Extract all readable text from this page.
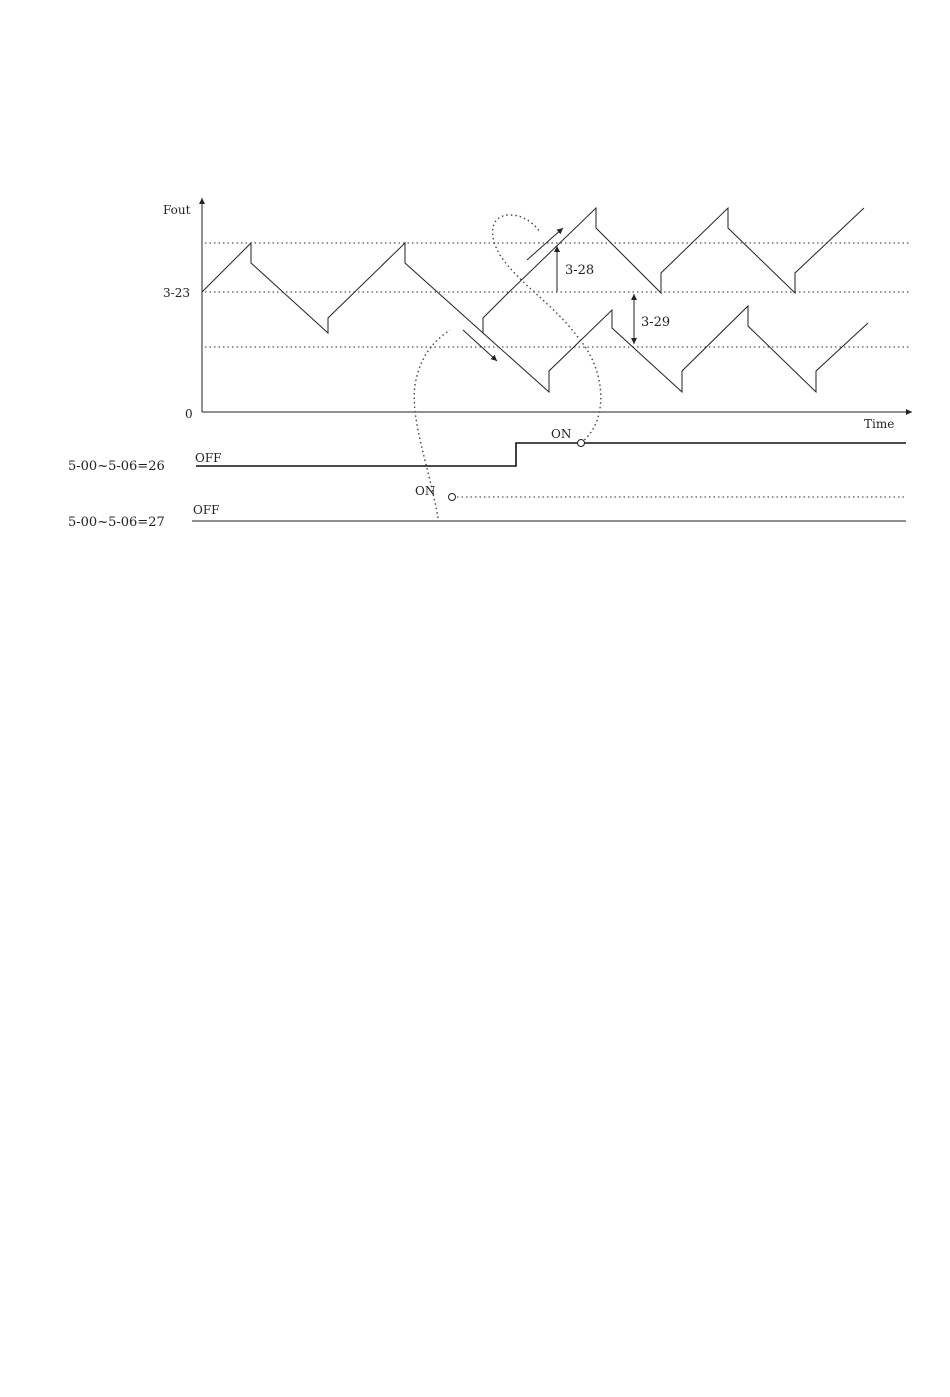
Fout
Time
3-23
0
3-28
3-29
5-00~5-06=26
OFF
ON
5-00~5-06=27
OFF
ON
